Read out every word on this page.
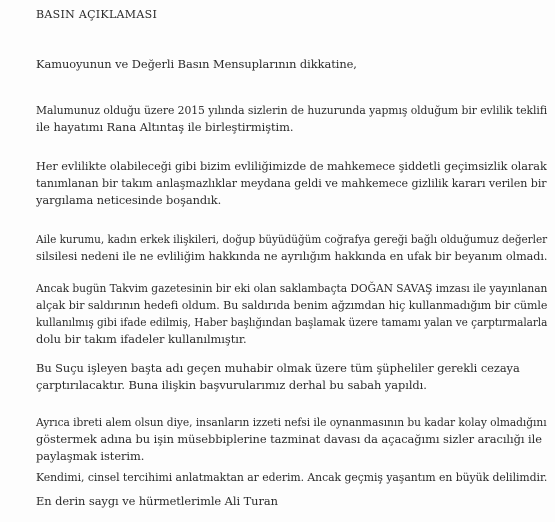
BASIN AÇIKLAMASI
Kamuoyunun ve Değerli Basın Mensuplarının dikkatine,
Malumunuz olduğu üzere 2015 yılında sizlerin de huzurunda yapmış olduğum bir evlilik teklifi
ile hayatımı Rana Altıntaş ile birleştirmiştim.
Her evlilikte olabileceği gibi bizim evliliğimizde de mahkemece şiddetli geçimsizlik olarak
tanımlanan bir takım anlaşmazlıklar meydana geldi ve mahkemece gizlilik kararı verilen bir
yargılama neticesinde boşandık.
Aile kurumu, kadın erkek ilişkileri, doğup büyüdüğüm coğrafya gereği bağlı olduğumuz değerler
silsilesi nedeni ile ne evliliğim hakkında ne ayrılığım hakkında en ufak bir beyanım olmadı.
Ancak bugün Takvim gazetesinin bir eki olan saklambaçta DOĞAN SAVAŞ imzası ile yayınlanan
alçak bir saldırının hedefi oldum. Bu saldırıda benim ağzımdan hiç kullanmadığım bir cümle
kullanılmış gibi ifade edilmiş, Haber başlığından başlamak üzere tamamı yalan ve çarptırmalarla
dolu bir takım ifadeler kullanılmıştır.
Bu Suçu işleyen başta adı geçen muhabir olmak üzere tüm şüpheliler gerekli cezaya
çarptırılacaktır. Buna ilişkin başvurularımız derhal bu sabah yapıldı.
Ayrıca ibreti alem olsun diye, insanların izzeti nefsi ile oynanmasının bu kadar kolay olmadığını
göstermek adına bu işin müsebbiplerine tazminat davası da açacağımı sizler aracılığı ile
paylaşmak isterim.
Kendimi, cinsel tercihimi anlatmaktan ar ederim. Ancak geçmiş yaşantım en büyük delilimdir.
En derin saygı ve hürmetlerimle Ali Turan
